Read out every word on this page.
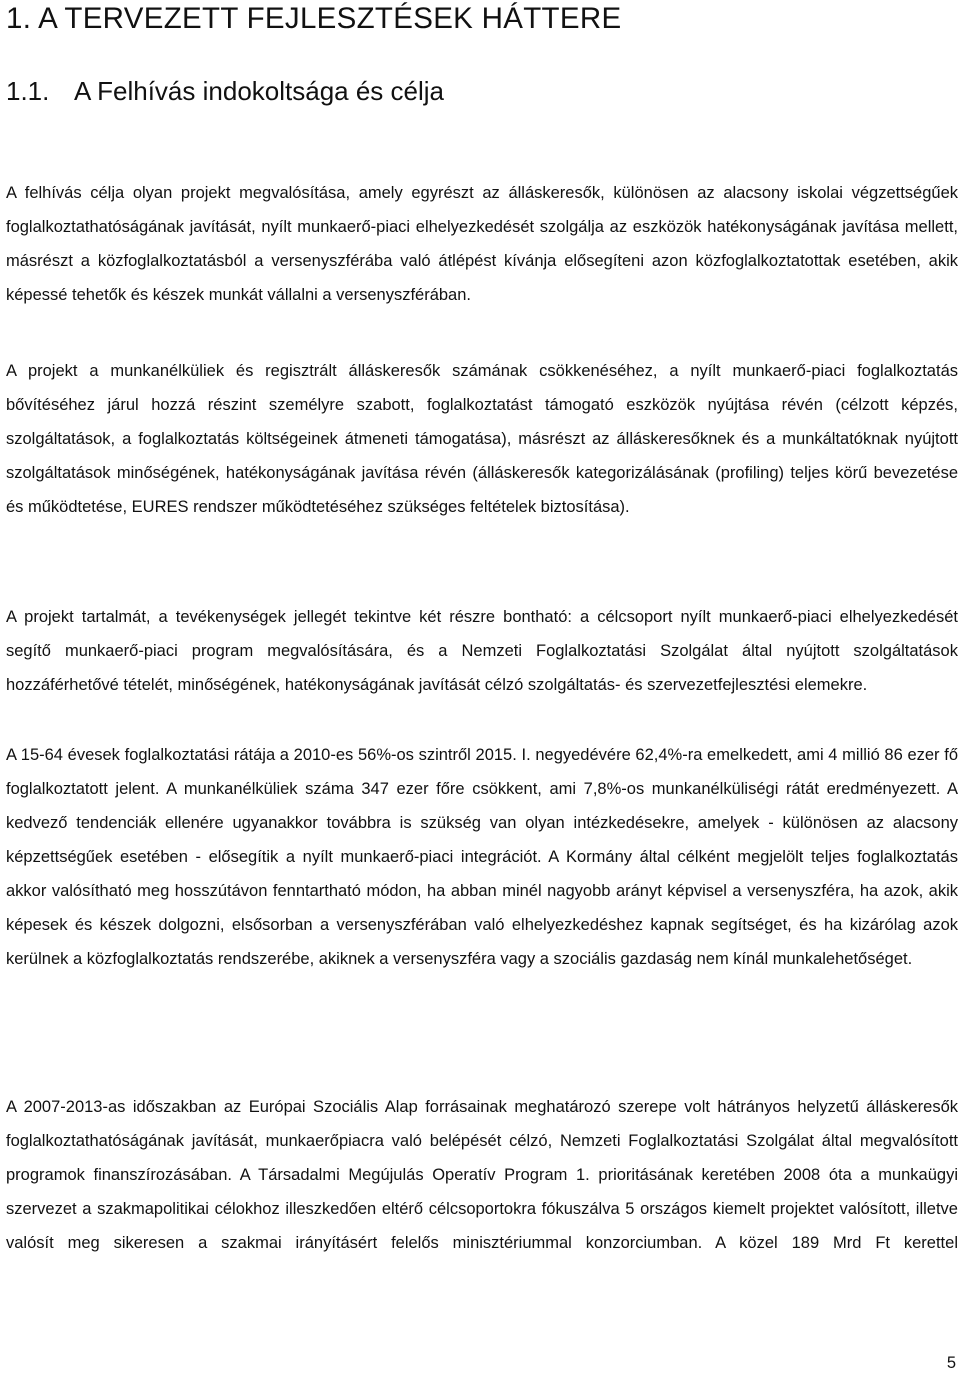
1. A TERVEZETT FEJLESZTÉSEK HÁTTERE
1.1. A Felhívás indokoltsága és célja

A felhívás célja olyan projekt megvalósítása, amely egyrészt az álláskeresők, különösen az alacsony iskolai végzettségűek foglalkoztathatóságának javítását, nyílt munkaerő-piaci elhelyezkedését szolgálja az eszközök hatékonyságának javítása mellett, másrészt a közfoglalkoztatásból a versenyszférába való átlépést kívánja elősegíteni azon közfoglalkoztatottak esetében, akik képessé tehetők és készek munkát vállalni a versenyszférában.

A projekt a munkanélküliek és regisztrált álláskeresők számának csökkenéséhez, a nyílt munkaerő-piaci foglalkoztatás bővítéséhez járul hozzá részint személyre szabott, foglalkoztatást támogató eszközök nyújtása révén (célzott képzés, szolgáltatások, a foglalkoztatás költségeinek átmeneti támogatása), másrészt az álláskeresőknek és a munkáltatóknak nyújtott szolgáltatások minőségének, hatékonyságának javítása révén (álláskeresők kategorizálásának (profiling) teljes körű bevezetése és működtetése, EURES rendszer működtetéséhez szükséges feltételek biztosítása).

A projekt tartalmát, a tevékenységek jellegét tekintve két részre bontható: a célcsoport nyílt munkaerő-piaci elhelyezkedését segítő munkaerő-piaci program megvalósítására, és a Nemzeti Foglalkoztatási Szolgálat által nyújtott szolgáltatások hozzáférhetővé tételét, minőségének, hatékonyságának javítását célzó szolgáltatás- és szervezetfejlesztési elemekre.

A 15-64 évesek foglalkoztatási rátája a 2010-es 56%-os szintről 2015. I. negyedévére 62,4%-ra emelkedett, ami 4 millió 86 ezer fő foglalkoztatott jelent. A munkanélküliek száma 347 ezer főre csökkent, ami 7,8%-os munkanélküliségi rátát eredményezett. A kedvező tendenciák ellenére ugyanakkor továbbra is szükség van olyan intézkedésekre, amelyek - különösen az alacsony képzettségűek esetében - elősegítik a nyílt munkaerő-piaci integrációt. A Kormány által célként megjelölt teljes foglalkoztatás akkor valósítható meg hosszútávon fenntartható módon, ha abban minél nagyobb arányt képvisel a versenyszféra, ha azok, akik képesek és készek dolgozni, elsősorban a versenyszférában való elhelyezkedéshez kapnak segítséget, és ha kizárólag azok kerülnek a közfoglalkoztatás rendszerébe, akiknek a versenyszféra vagy a szociális gazdaság nem kínál munkalehetőséget.

A 2007-2013-as időszakban az Európai Szociális Alap forrásainak meghatározó szerepe volt hátrányos helyzetű álláskeresők foglalkoztathatóságának javítását, munkaerőpiacra való belépését célzó, Nemzeti Foglalkoztatási Szolgálat által megvalósított programok finanszírozásában. A Társadalmi Megújulás Operatív Program 1. prioritásának keretében 2008 óta a munkaügyi szervezet a szakmapolitikai célokhoz illeszkedően eltérő célcsoportokra fókuszálva 5 országos kiemelt projektet valósított, illetve valósít meg sikeresen a szakmai irányításért felelős minisztériummal konzorciumban. A közel 189 Mrd Ft kerettel

5
